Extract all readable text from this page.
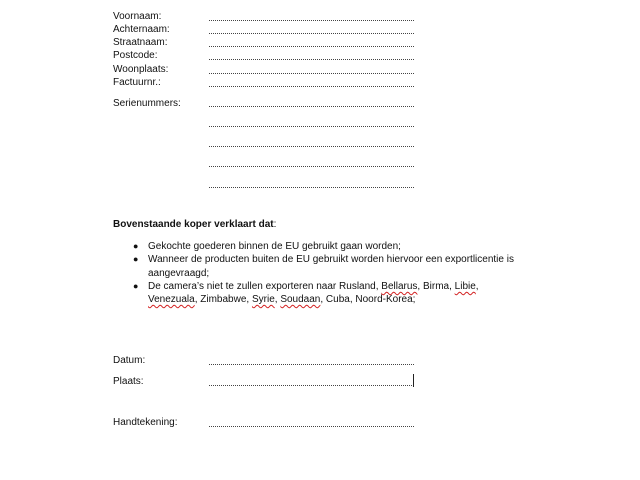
Voornaam:
Achternaam:
Straatnaam:
Postcode:
Woonplaats:
Factuurnr.:
Serienummers:
Bovenstaande koper verklaart dat:
● Gekochte goederen binnen de EU gebruikt gaan worden;
● Wanneer de producten buiten de EU gebruikt worden hiervoor een exportlicentie is aangevraagd;
● De camera’s niet te zullen exporteren naar Rusland, Bellarus, Birma, Libie, Venezuala, Zimbabwe, Syrie, Soudaan, Cuba, Noord-Korea;
Datum:
Plaats:
Handtekening:
